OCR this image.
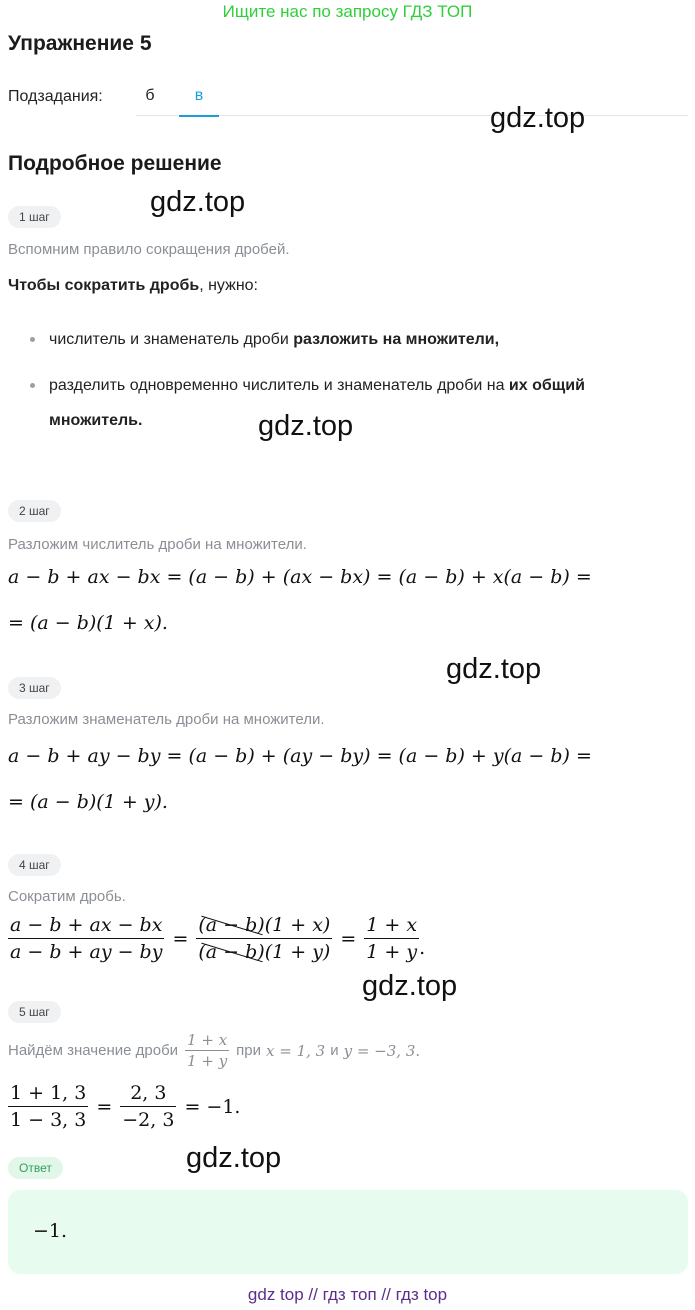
Ищите нас по запросу ГДЗ ТОП
Упражнение 5
Подзадания:	б	в
gdz.top
Подробное решение
gdz.top
1 шаг
Вспомним правило сокращения дробей.
Чтобы сократить дробь, нужно:
числитель и знаменатель дроби разложить на множители,
разделить одновременно числитель и знаменатель дроби на их общий множитель.	gdz.top
2 шаг
Разложим числитель дроби на множители.
a − b + ax − bx = (a − b) + (ax − bx) = (a − b) + x(a − b) =
= (a − b)(1 + x).
gdz.top
3 шаг
Разложим знаменатель дроби на множители.
a − b + ay − by = (a − b) + (ay − by) = (a − b) + y(a − b) =
= (a − b)(1 + y).
4 шаг
Сократим дробь.
$\frac{a - b + ax - bx}{a - b + ay - by} = \frac{(a - b)(1 + x)}{(a - b)(1 + y)} = \frac{1 + x}{1 + y}$ .
gdz.top
5 шаг
Найдём значение дроби $\frac{1 + x}{1 + y}$ при x = 1, 3 и y = −3, 3.
$\frac{1 + 1, 3}{1 - 3, 3} = \frac{2, 3}{-2, 3} = -1$.
gdz.top
Ответ
−1.
gdz top // гдз топ // гдз top
